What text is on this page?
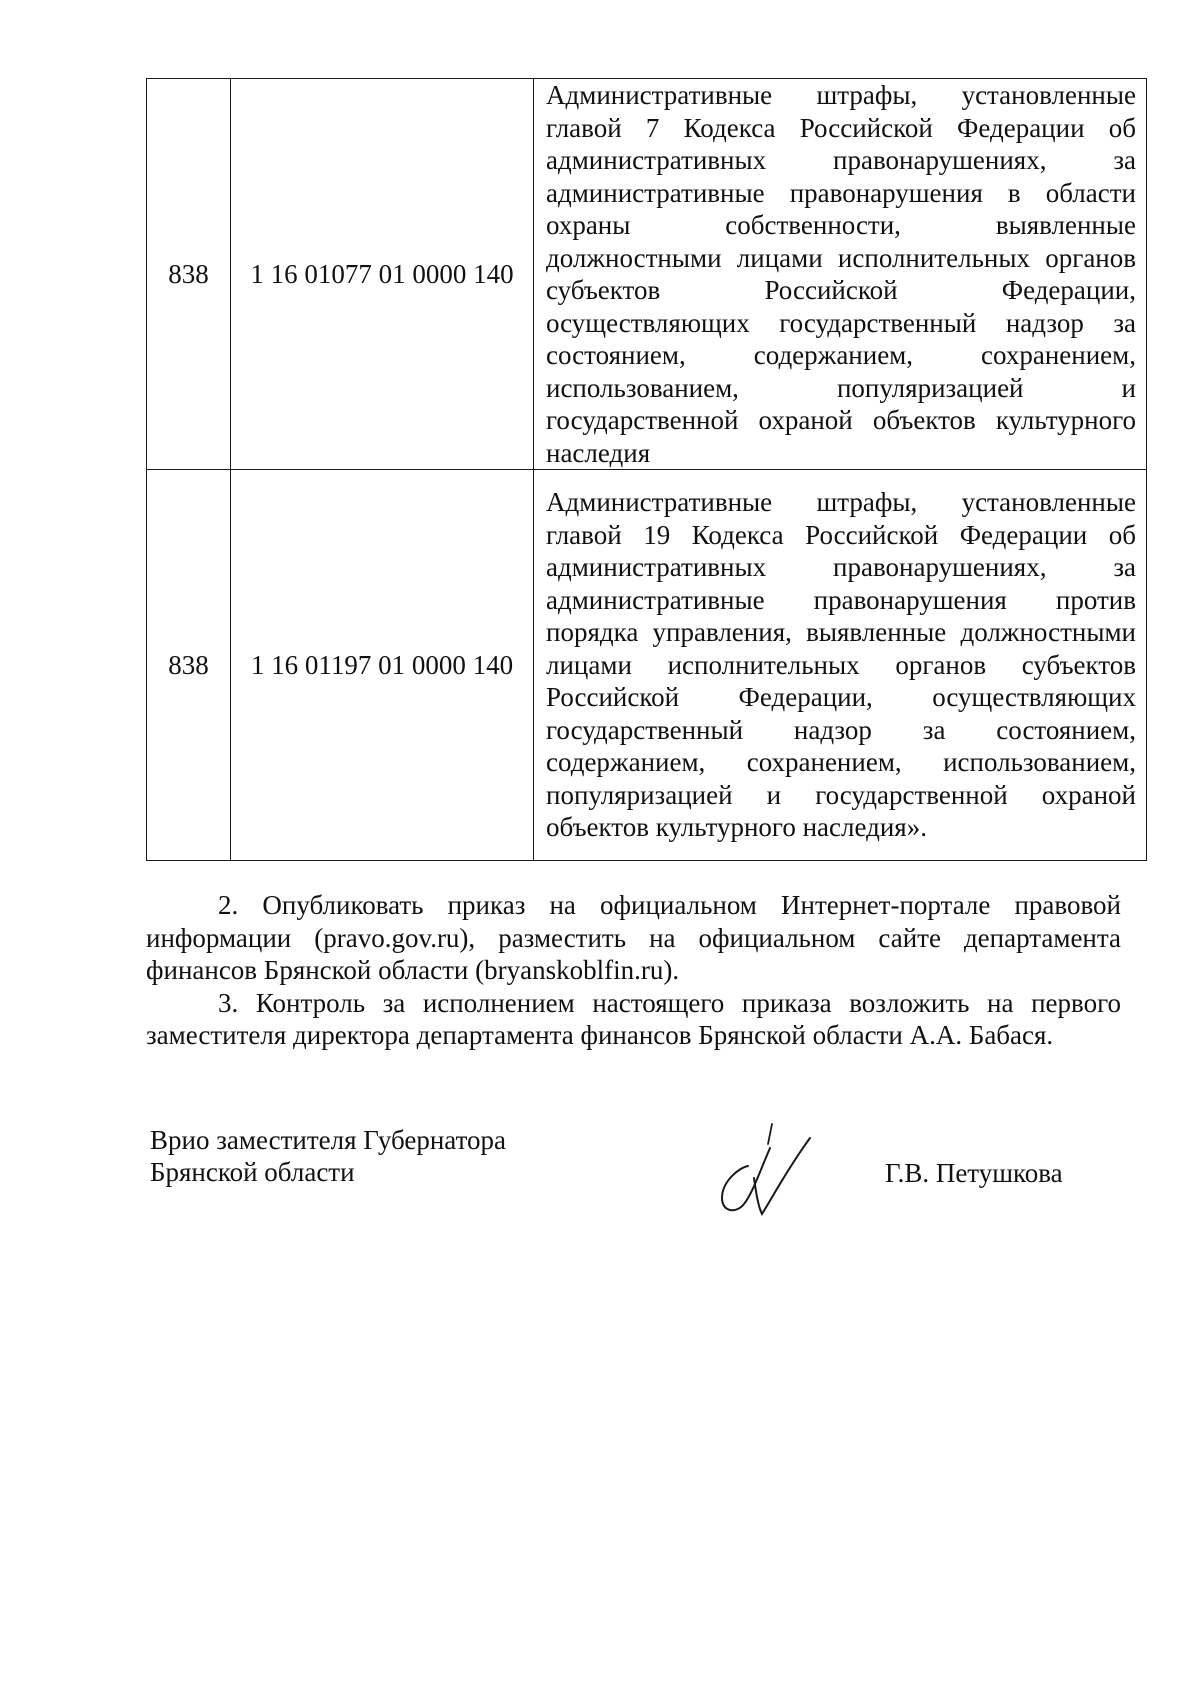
838	1 16 01077 01 0000 140	Административные штрафы, установленные главой 7 Кодекса Российской Федерации об административных правонарушениях, за административные правонарушения в области охраны собственности, выявленные должностными лицами исполнительных органов субъектов Российской Федерации, осуществляющих государственный надзор за состоянием, содержанием, сохранением, использованием, популяризацией и государственной охраной объектов культурного наследия
838	1 16 01197 01 0000 140	Административные штрафы, установленные главой 19 Кодекса Российской Федерации об административных правонарушениях, за административные правонарушения против порядка управления, выявленные должностными лицами исполнительных органов субъектов Российской Федерации, осуществляющих государственный надзор за состоянием, содержанием, сохранением, использованием, популяризацией и государственной охраной объектов культурного наследия».

2. Опубликовать приказ на официальном Интернет-портале правовой информации (pravo.gov.ru), разместить на официальном сайте департамента финансов Брянской области (bryanskoblfin.ru).

3. Контроль за исполнением настоящего приказа возложить на первого заместителя директора департамента финансов Брянской области А.А. Бабася.

Врио заместителя Губернатора
Брянской области	Г.В. Петушкова
